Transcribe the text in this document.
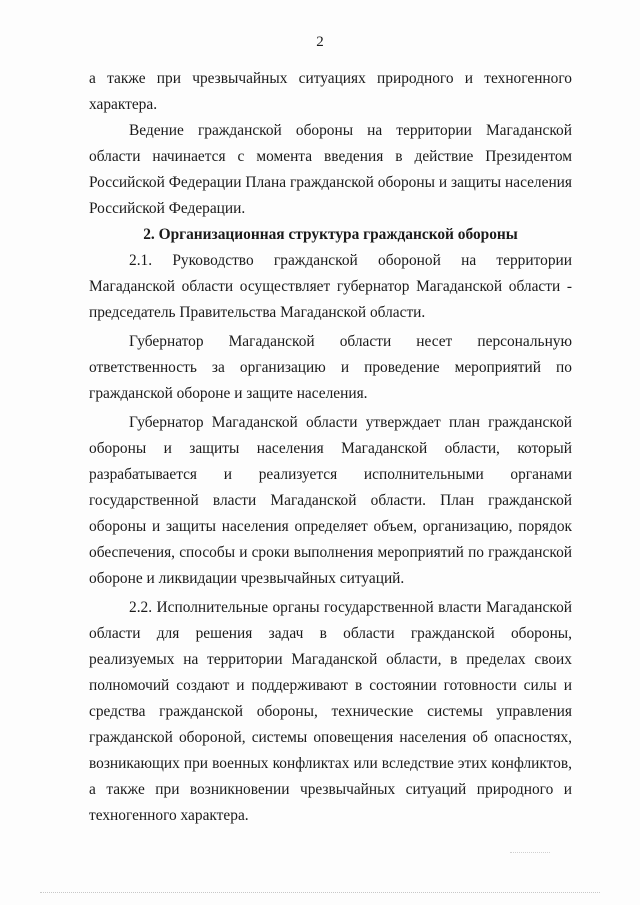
2

а также при чрезвычайных ситуациях природного и техногенного характера.

Ведение гражданской обороны на территории Магаданской области начинается с момента введения в действие Президентом Российской Федерации Плана гражданской обороны и защиты населения Российской Федерации.

2. Организационная структура гражданской обороны

2.1. Руководство гражданской обороной на территории Магаданской области осуществляет губернатор Магаданской области - председатель Правительства Магаданской области.

Губернатор Магаданской области несет персональную ответственность за организацию и проведение мероприятий по гражданской обороне и защите населения.

Губернатор Магаданской области утверждает план гражданской обороны и защиты населения Магаданской области, который разрабатывается и реализуется исполнительными органами государственной власти Магаданской области. План гражданской обороны и защиты населения определяет объем, организацию, порядок обеспечения, способы и сроки выполнения мероприятий по гражданской обороне и ликвидации чрезвычайных ситуаций.

2.2. Исполнительные органы государственной власти Магаданской области для решения задач в области гражданской обороны, реализуемых на территории Магаданской области, в пределах своих полномочий создают и поддерживают в состоянии готовности силы и средства гражданской обороны, технические системы управления гражданской обороной, системы оповещения населения об опасностях, возникающих при военных конфликтах или вследствие этих конфликтов, а также при возникновении чрезвычайных ситуаций природного и техногенного характера.
